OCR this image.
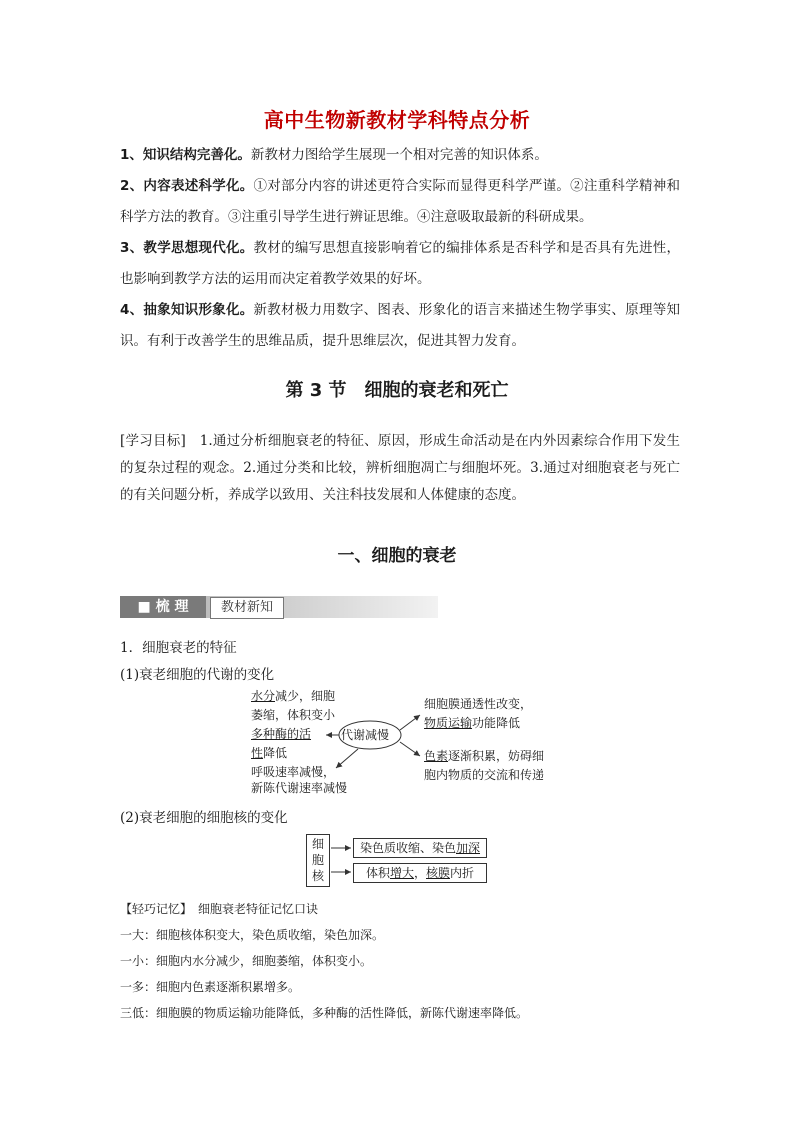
高中生物新教材学科特点分析
1、知识结构完善化。新教材力图给学生展现一个相对完善的知识体系。
2、内容表述科学化。①对部分内容的讲述更符合实际而显得更科学严谨。②注重科学精神和科学方法的教育。③注重引导学生进行辨证思维。④注意吸取最新的科研成果。
3、教学思想现代化。教材的编写思想直接影响着它的编排体系是否科学和是否具有先进性，也影响到教学方法的运用而决定着教学效果的好坏。
4、抽象知识形象化。新教材极力用数字、图表、形象化的语言来描述生物学事实、原理等知识。有利于改善学生的思维品质，提升思维层次，促进其智力发育。
第 3 节　细胞的衰老和死亡
[学习目标]　1.通过分析细胞衰老的特征、原因，形成生命活动是在内外因素综合作用下发生的复杂过程的观念。2.通过分类和比较，辨析细胞凋亡与细胞坏死。3.通过对细胞衰老与死亡的有关问题分析，养成学以致用、关注科技发展和人体健康的态度。
一、细胞的衰老
■ 梳 理	教材新知
1．细胞衰老的特征
(1)衰老细胞的代谢的变化
代谢减慢
水分减少，细胞
萎缩，体积变小
多种酶的活
性降低
呼吸速率减慢，
新陈代谢速率减慢
细胞膜通透性改变，
物质运输功能降低
色素逐渐积累，妨碍细
胞内物质的交流和传递
(2)衰老细胞的细胞核的变化
细
胞
核
染色质收缩、染色加深
体积增大，核膜内折
【轻巧记忆】　细胞衰老特征记忆口诀
一大：细胞核体积变大，染色质收缩，染色加深。
一小：细胞内水分减少，细胞萎缩，体积变小。
一多：细胞内色素逐渐积累增多。
三低：细胞膜的物质运输功能降低，多种酶的活性降低，新陈代谢速率降低。
